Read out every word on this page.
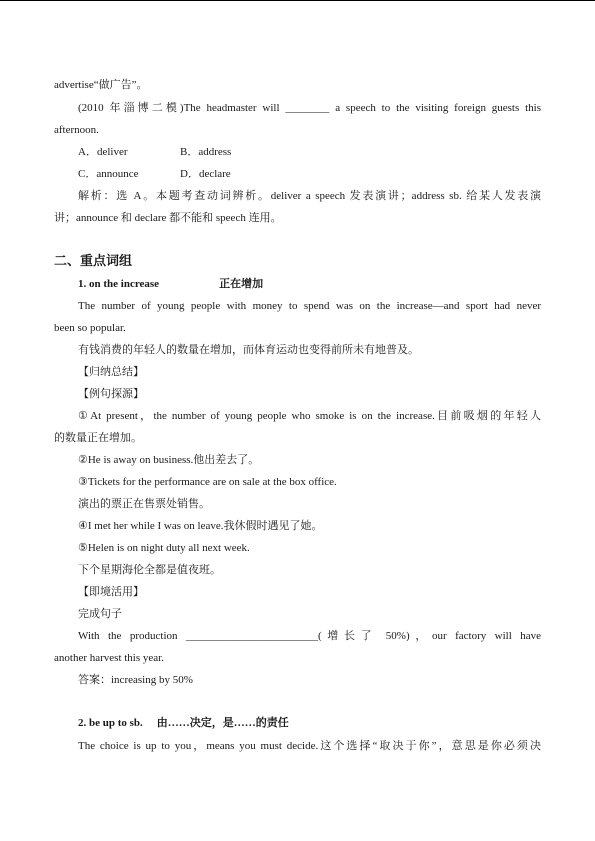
advertise“做广告”。
(2010 年淄博二模)The headmaster will ________ a speech to the visiting foreign guests this
afternoon.
A．deliver	B．address
C．announce	D．declare
解析：选 A。本题考查动词辨析。deliver a speech 发表演讲；address sb. 给某人发表演
讲；announce 和 declare 都不能和 speech 连用。
二、重点词组
1. on the increase	正在增加
The number of young people with money to spend was on the increase—and sport had never
been so popular.
有钱消费的年轻人的数量在增加，而体育运动也变得前所未有地普及。
【归纳总结】
【例句探源】
①At present，the number of young people who smoke is on the increase.目前吸烟的年轻人
的数量正在增加。
②He is away on business.他出差去了。
③Tickets for the performance are on sale at the box office.
演出的票正在售票处销售。
④I met her while I was on leave.我休假时遇见了她。
⑤Helen is on night duty all next week.
下个星期海伦全都是值夜班。
【即境活用】
完成句子
With the production ________________________(增长了 50%)，our factory will have
another harvest this year.
答案：increasing by 50%
2. be up to sb. 由……决定，是……的责任
The choice is up to you，means you must decide.这个选择“取决于你”，意思是你必须决
